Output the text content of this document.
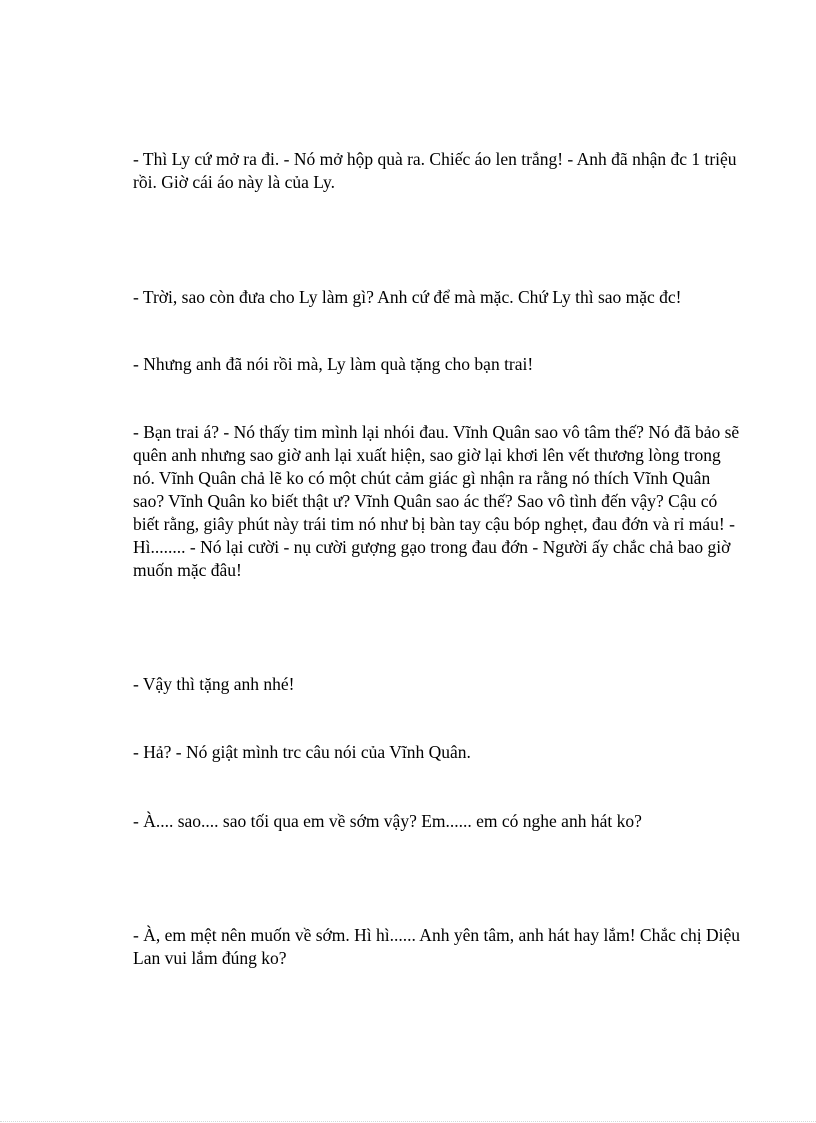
- Thì Ly cứ mở ra đi. - Nó mở hộp quà ra. Chiếc áo len trắng! - Anh đã nhận đc 1 triệu rồi. Giờ cái áo này là của Ly.

- Trời, sao còn đưa cho Ly làm gì? Anh cứ để mà mặc. Chứ Ly thì sao mặc đc!

- Nhưng anh đã nói rồi mà, Ly làm quà tặng cho bạn trai!

- Bạn trai á? - Nó thấy tim mình lại nhói đau. Vĩnh Quân sao vô tâm thế? Nó đã bảo sẽ quên anh nhưng sao giờ anh lại xuất hiện, sao giờ lại khơi lên vết thương lòng trong nó. Vĩnh Quân chả lẽ ko có một chút cảm giác gì nhận ra rằng nó thích Vĩnh Quân sao? Vĩnh Quân ko biết thật ư? Vĩnh Quân sao ác thế? Sao vô tình đến vậy? Cậu có biết rằng, giây phút này trái tim nó như bị bàn tay cậu bóp nghẹt, đau đớn và rỉ máu! - Hì........ - Nó lại cười - nụ cười gượng gạo trong đau đớn - Người ấy chắc chả bao giờ muốn mặc đâu!

- Vậy thì tặng anh nhé!

- Hả? - Nó giật mình trc câu nói của Vĩnh Quân.

- À.... sao.... sao tối qua em về sớm vậy? Em...... em có nghe anh hát ko?

- À, em mệt nên muốn về sớm. Hì hì...... Anh yên tâm, anh hát hay lắm! Chắc chị Diệu Lan vui lắm đúng ko?
